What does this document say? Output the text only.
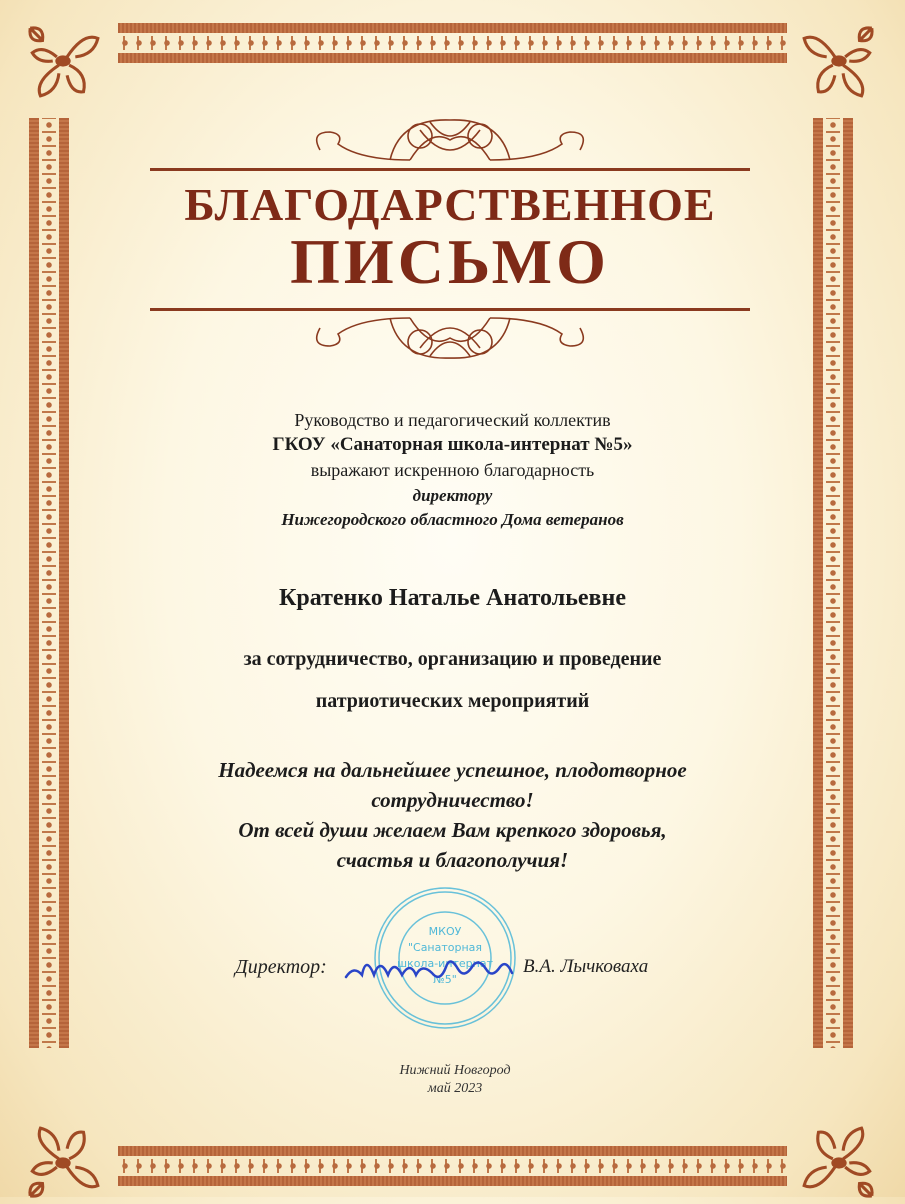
БЛАГОДАРСТВЕННОЕ
ПИСЬМО
Руководство и педагогический коллектив
ГКОУ «Санаторная школа-интернат №5»
выражают искренною благодарность
директору
Нижегородского областного Дома ветеранов
Кратенко Наталье Анатольевне
за сотрудничество, организацию и проведение
патриотических мероприятий
Надеемся на дальнейшее успешное, плодотворное
сотрудничество!
От всей души желаем Вам крепкого здоровья,
счастья и благополучия!
МКОУ
"Санаторная
школа-интернат
№5"
Директор:	В.А. Лычковаха
Нижний Новгород
май 2023
